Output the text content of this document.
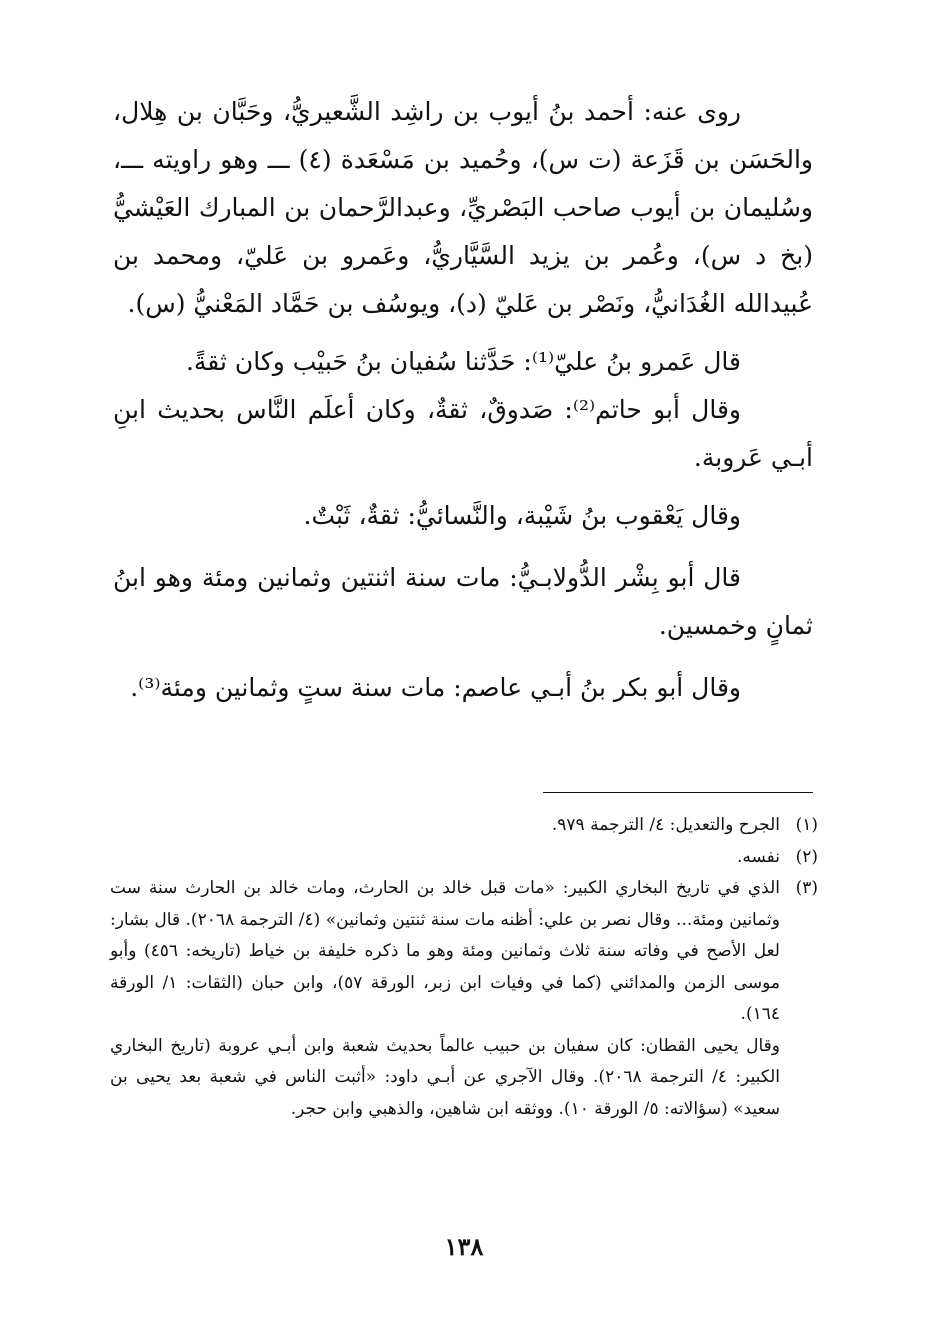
روى عنه: أحمد بنُ أيوب بن راشِد الشَّعيريُّ، وحَبَّان بن هِلال، والحَسَن بن قَزَعة (ت س)، وحُميد بن مَسْعَدة (٤) ـــ وهو راويته ـــ، وسُليمان بن أيوب صاحب البَصْريِّ، وعبدالرَّحمان بن المبارك العَيْشيُّ (بخ د س)، وعُمر بن يزيد السَّيَّاريُّ، وعَمرو بن عَليّ، ومحمد بن عُبيدالله الغُدَانيُّ، ونَصْر بن عَليّ (د)، ويوسُف بن حَمَّاد المَعْنيُّ (س).

قال عَمرو بنُ عليّ⁽¹⁾: حَدَّثنا سُفيان بنُ حَبيْب وكان ثقةً.

وقال أبو حاتم⁽²⁾: صَدوقٌ، ثقةٌ، وكان أعلَم النَّاس بحديث ابنِ أبـي عَروبة.

وقال يَعْقوب بنُ شَيْبة، والنَّسائيُّ: ثقةٌ، ثَبْتٌ.

قال أبو بِشْر الدُّولابـيُّ: مات سنة اثنتين وثمانين ومئة وهو ابنُ ثمانٍ وخمسين.

وقال أبو بكر بنُ أبـي عاصم: مات سنة ستٍ وثمانين ومئة⁽³⁾.

(١)
الجرح والتعديل: ٤/ الترجمة ٩٧٩.

(٢)
نفسه.

(٣)
الذي في تاريخ البخاري الكبير: «مات قبل خالد بن الحارث، ومات خالد بن الحارث سنة ست وثمانين ومئة... وقال نصر بن علي: أظنه مات سنة ثنتين وثمانين» (٤/ الترجمة ٢٠٦٨). قال بشار: لعل الأصح في وفاته سنة ثلاث وثمانين ومئة وهو ما ذكره خليفة بن خياط (تاريخه: ٤٥٦) وأبو موسى الزمن والمدائني (كما في وفيات ابن زبر، الورقة ٥٧)، وابن حبان (الثقات: ١/ الورقة ١٦٤).

وقال يحيى القطان: كان سفيان بن حبيب عالماً بحديث شعبة وابن أبـي عروبة (تاريخ البخاري الكبير: ٤/ الترجمة ٢٠٦٨). وقال الآجري عن أبـي داود: «أثبت الناس في شعبة بعد يحيى بن سعيد» (سؤالاته: ٥/ الورقة ١٠). ووثقه ابن شاهين، والذهبي وابن حجر.

١٣٨
